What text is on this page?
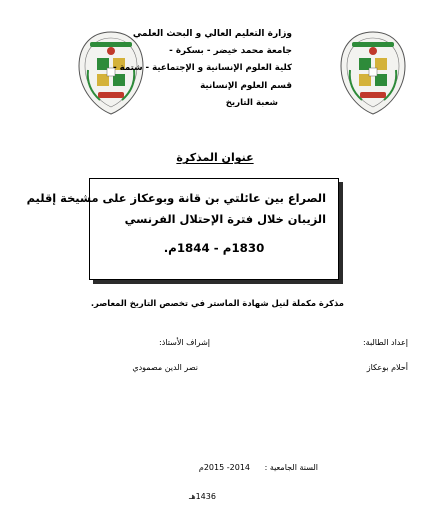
وزارة التعليم العالي و البحث العلمي
جامعة محمد خيضر - بسكرة -
كلية العلوم الإنسانية و الإجتماعية - شتمة -
قسم العلوم الإنسانية
شعبة التاريخ
عنوان المذكرة
الصراع بين عائلتي بن قانة وبوعكاز على مشيخة إقليم
الزيبان خلال فترة الإحتلال الفرنسي
1830م - 1844م.
مذكرة مكملة لنيل شهادة الماستر في تخصص التاريخ المعاصر.
إعداد الطالبة:
أحلام بوعكاز
إشراف الأستاذ:
نصر الدين مصمودي
السنة الجامعية :
2014- 2015م
1436هـ
